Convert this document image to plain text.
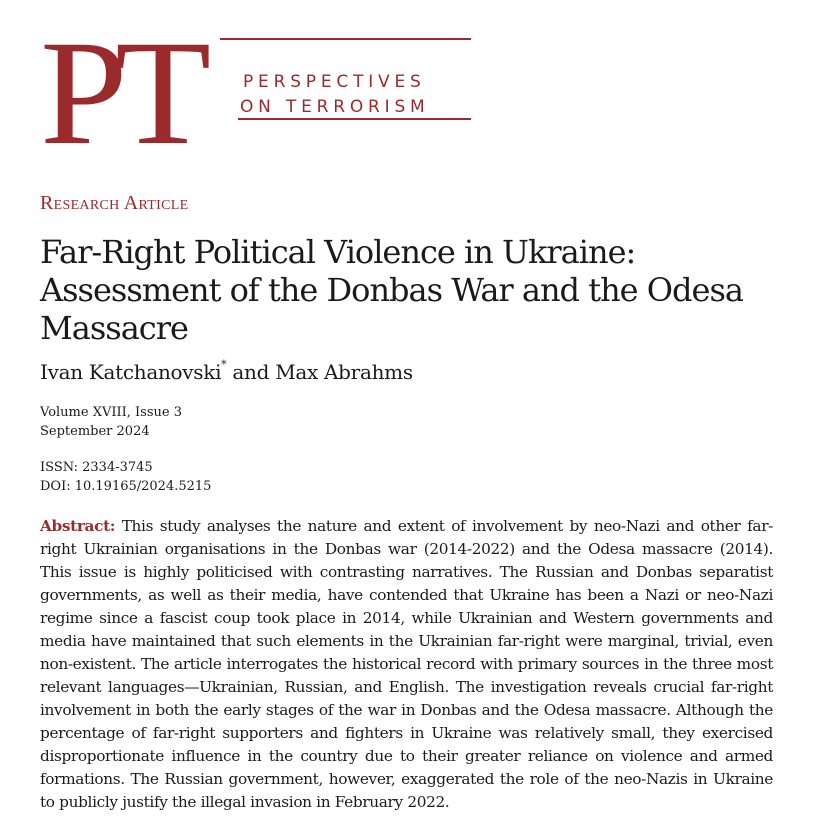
PT	PERSPECTIVES
ON TERRORISM
Research Article
Far-Right Political Violence in Ukraine: Assessment of the Donbas War and the Odesa Massacre
Ivan Katchanovski* and Max Abrahms
Volume XVIII, Issue 3
September 2024
ISSN: 2334-3745
DOI: 10.19165/2024.5215

Abstract: This study analyses the nature and extent of involvement by neo-Nazi and other far-right Ukrainian organisations in the Donbas war (2014-2022) and the Odesa massacre (2014). This issue is highly politicised with contrasting narratives. The Russian and Donbas separatist governments, as well as their media, have contended that Ukraine has been a Nazi or neo-Nazi regime since a fascist coup took place in 2014, while Ukrainian and Western governments and media have maintained that such elements in the Ukrainian far-right were marginal, trivial, even non-existent. The article interrogates the historical record with primary sources in the three most relevant languages—Ukrainian, Russian, and English. The investigation reveals crucial far-right involvement in both the early stages of the war in Donbas and the Odesa massacre. Although the percentage of far-right supporters and fighters in Ukraine was relatively small, they exercised disproportionate influence in the country due to their greater reliance on violence and armed formations. The Russian government, however, exaggerated the role of the neo-Nazis in Ukraine to publicly justify the illegal invasion in February 2022.
